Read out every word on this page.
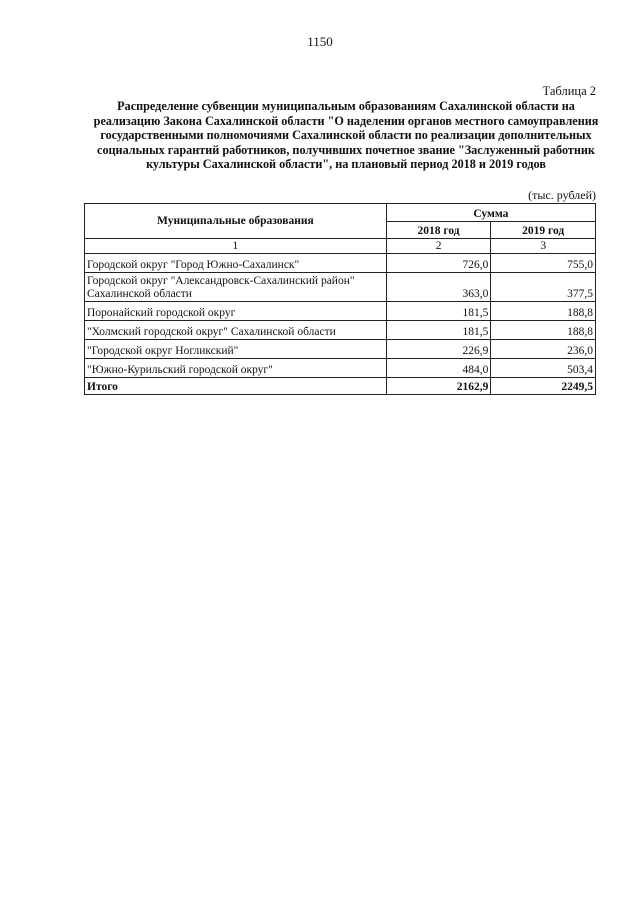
1150
Таблица 2
Распределение субвенции муниципальным образованиям Сахалинской области на реализацию Закона Сахалинской области "О наделении органов местного самоуправления государственными полномочиями Сахалинской области по реализации дополнительных социальных гарантий работников, получивших почетное звание "Заслуженный работник культуры Сахалинской области", на плановый период 2018 и 2019 годов
(тыс. рублей)
Муниципальные образования	Сумма	
	2018 год	2019 год
1	2	3
Городской округ "Город Южно-Сахалинск"	726,0	755,0
Городской округ "Александровск-Сахалинский район" Сахалинской области	363,0	377,5
Поронайский городской округ	181,5	188,8
"Холмский городской округ" Сахалинской области	181,5	188,8
"Городской округ Ногликский"	226,9	236,0
"Южно-Курильский городской округ"	484,0	503,4
Итого	2162,9	2249,5
